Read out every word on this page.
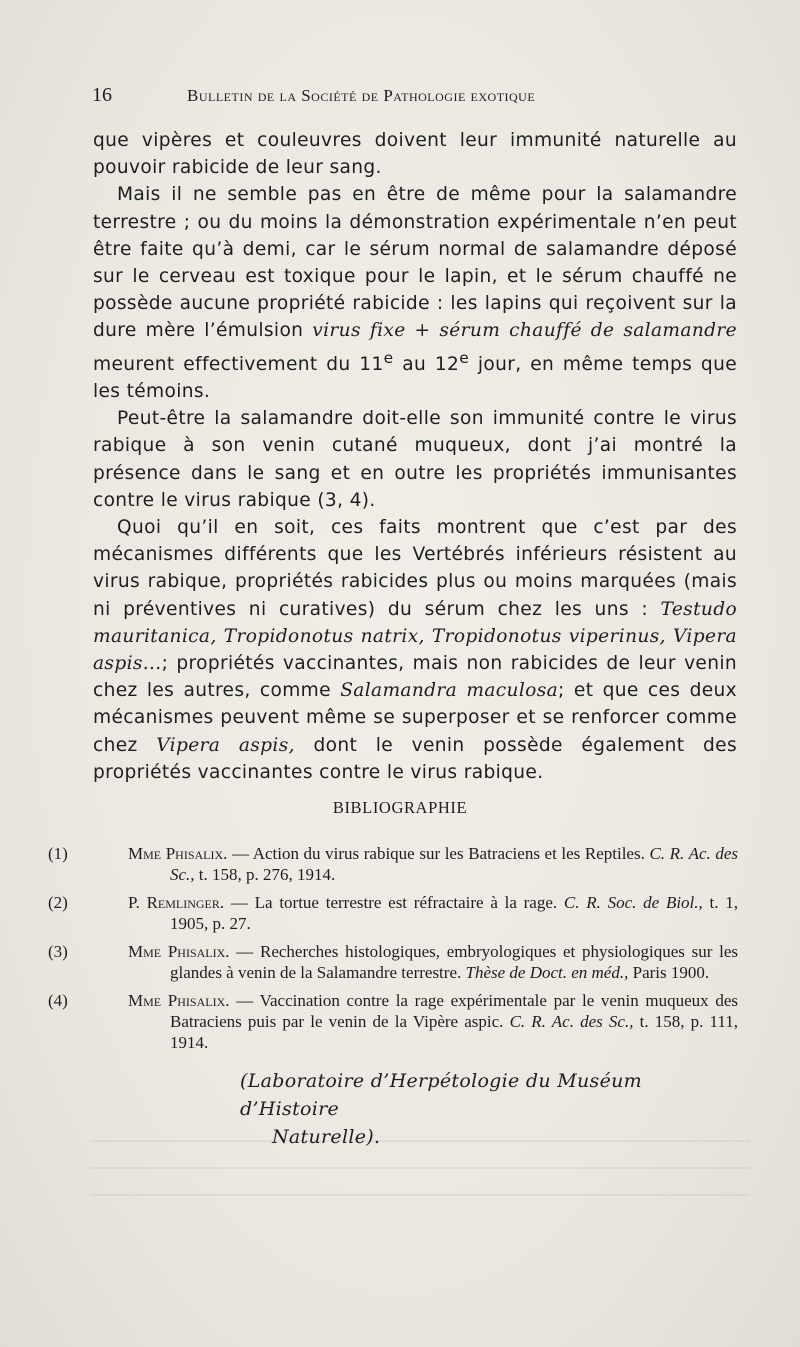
16	Bulletin de la Société de Pathologie exotique

que vipères et couleuvres doivent leur immunité naturelle au pouvoir rabicide de leur sang.

Mais il ne semble pas en être de même pour la salamandre terrestre ; ou du moins la démonstration expérimentale n’en peut être faite qu’à demi, car le sérum normal de salamandre déposé sur le cerveau est toxique pour le lapin, et le sérum chauffé ne possède aucune propriété rabicide : les lapins qui reçoivent sur la dure mère l’émulsion virus fixe + sérum chauffé de salamandre meurent effectivement du 11e au 12e jour, en même temps que les témoins.

Peut-être la salamandre doit-elle son immunité contre le virus rabique à son venin cutané muqueux, dont j’ai montré la présence dans le sang et en outre les propriétés immunisantes contre le virus rabique (3, 4).

Quoi qu’il en soit, ces faits montrent que c’est par des mécanismes différents que les Vertébrés inférieurs résistent au virus rabique, propriétés rabicides plus ou moins marquées (mais ni préventives ni curatives) du sérum chez les uns : Testudo mauritanica, Tropidonotus natrix, Tropidonotus viperinus, Vipera aspis...; propriétés vaccinantes, mais non rabicides de leur venin chez les autres, comme Salamandra maculosa; et que ces deux mécanismes peuvent même se superposer et se renforcer comme chez Vipera aspis, dont le venin possède également des propriétés vaccinantes contre le virus rabique.

BIBLIOGRAPHIE
(1)	Mme Phisalix. — Action du virus rabique sur les Batraciens et les Reptiles. C. R. Ac. des Sc., t. 158, p. 276, 1914.
(2)	P. Remlinger. — La tortue terrestre est réfractaire à la rage. C. R. Soc. de Biol., t. 1, 1905, p. 27.
(3)	Mme Phisalix. — Recherches histologiques, embryologiques et physiologiques sur les glandes à venin de la Salamandre terrestre. Thèse de Doct. en méd., Paris 1900.
(4)	Mme Phisalix. — Vaccination contre la rage expérimentale par le venin muqueux des Batraciens puis par le venin de la Vipère aspic. C. R. Ac. des Sc., t. 158, p. 111, 1914.
(Laboratoire d’Herpétologie du Muséum d’Histoire
Naturelle).
